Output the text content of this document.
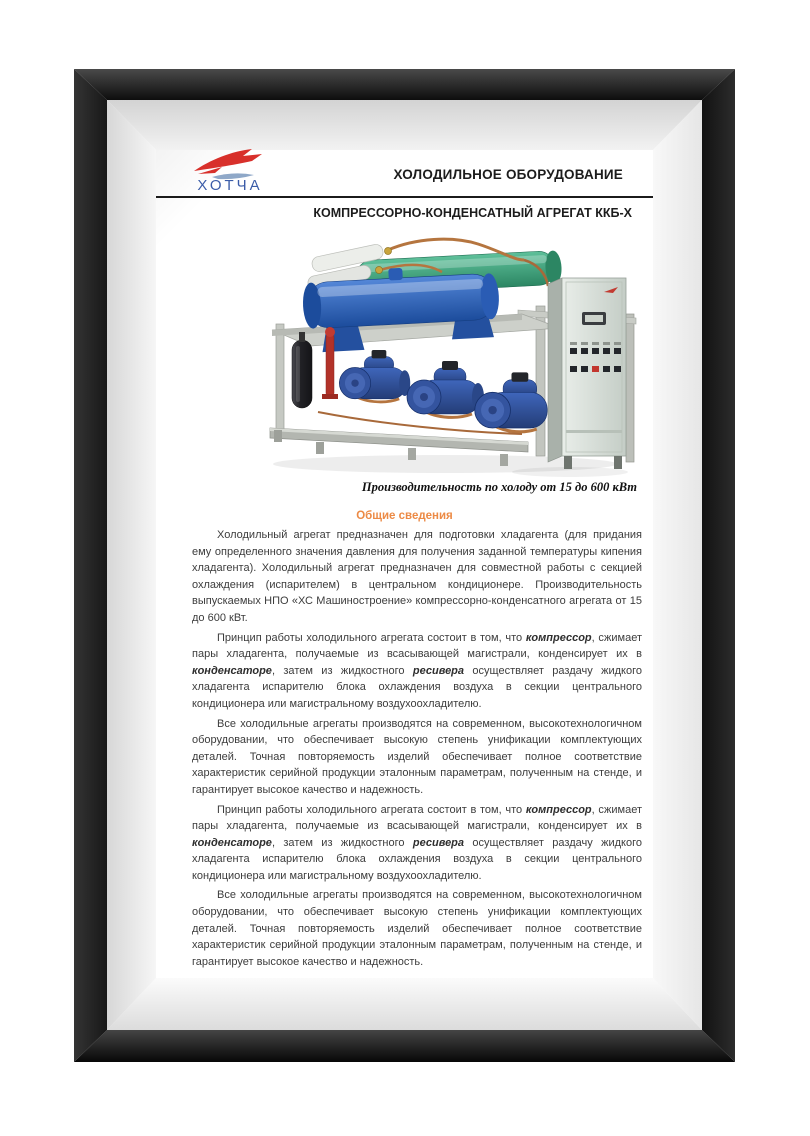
ХОТЧА
ХОЛОДИЛЬНОЕ ОБОРУДОВАНИЕ
КОМПРЕССОРНО-КОНДЕНСАТНЫЙ АГРЕГАТ ККБ-Х
Производительность по холоду от 15 до 600 кВт
Общие сведения

Холодильный агрегат предназначен для подготовки хладагента (для придания ему определенного значения давления для получения заданной температуры кипения хладагента). Холодильный агрегат предназначен для совместной работы с секцией охлаждения (испарителем) в центральном кондиционере. Производительность выпускаемых НПО «ХС Машиностроение» компрессорно-конденсатного агрегата от 15 до 600 кВт.

Принцип работы холодильного агрегата состоит в том, что компрессор, сжимает пары хладагента, получаемые из всасывающей магистрали, конденсирует их в конденсаторе, затем из жидкостного ресивера осуществляет раздачу жидкого хладагента испарителю блока охлаждения воздуха в секции центрального кондиционера или магистральному воздухоохладителю.

Все холодильные агрегаты производятся на современном, высокотехнологичном оборудовании, что обеспечивает высокую степень унификации комплектующих деталей. Точная повторяемость изделий обеспечивает полное соответствие характеристик серийной продукции эталонным параметрам, полученным на стенде, и гарантирует высокое качество и надежность.

Принцип работы холодильного агрегата состоит в том, что компрессор, сжимает пары хладагента, получаемые из всасывающей магистрали, конденсирует их в конденсаторе, затем из жидкостного ресивера осуществляет раздачу жидкого хладагента испарителю блока охлаждения воздуха в секции центрального кондиционера или магистральному воздухоохладителю.

Все холодильные агрегаты производятся на современном, высокотехнологичном оборудовании, что обеспечивает высокую степень унификации комплектующих деталей. Точная повторяемость изделий обеспечивает полное соответствие характеристик серийной продукции эталонным параметрам, полученным на стенде, и гарантирует высокое качество и надежность.
